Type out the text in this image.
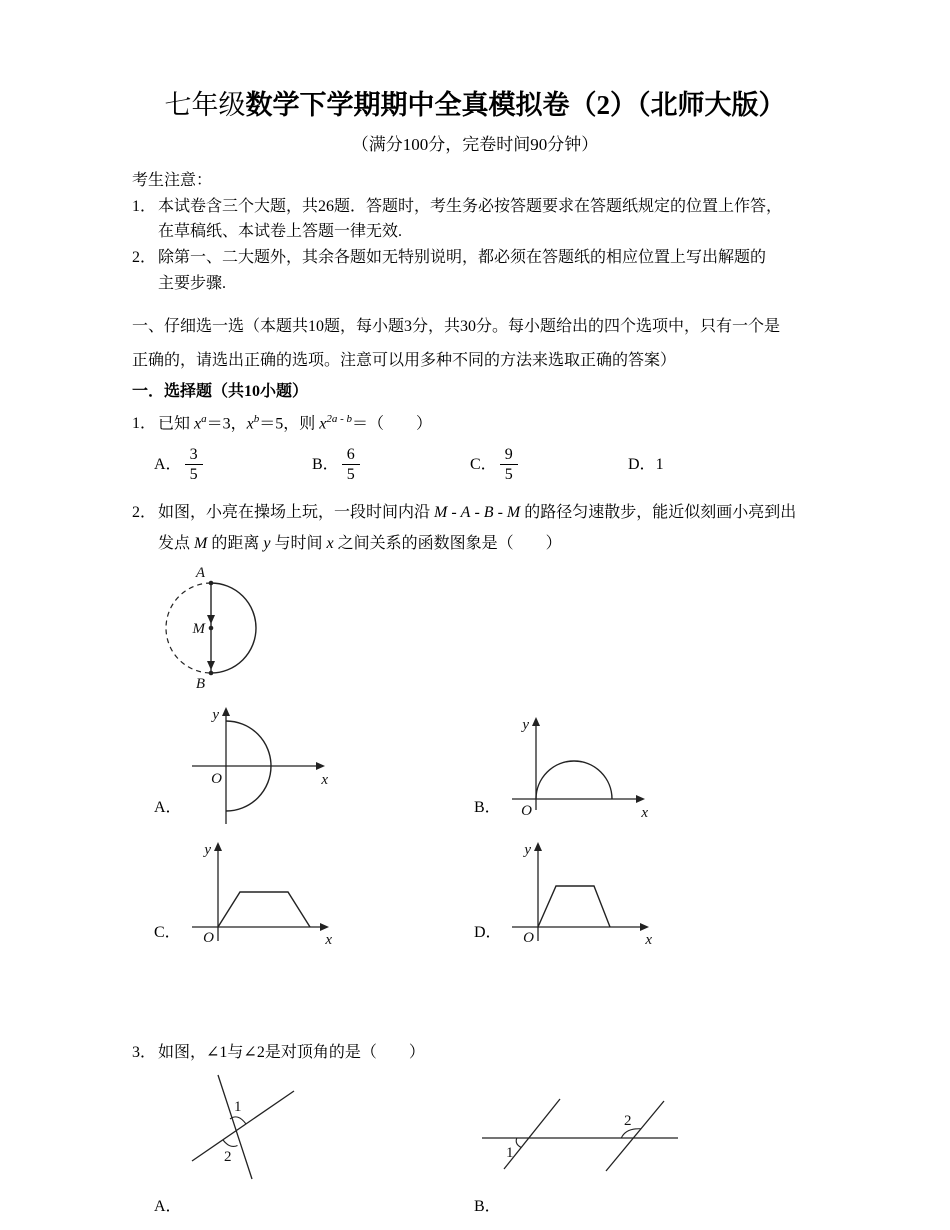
七年级数学下学期期中全真模拟卷（2）（北师大版）
（满分100分，完卷时间90分钟）
考生注意：
1． 本试卷含三个大题，共26题．答题时，考生务必按答题要求在答题纸规定的位置上作答，
在草稿纸、本试卷上答题一律无效.
2． 除第一、二大题外，其余各题如无特别说明，都必须在答题纸的相应位置上写出解题的
主要步骤.
一、仔细选一选（本题共10题，每小题3分，共30分。每小题给出的四个选项中，只有一个是
正确的，请选出正确的选项。注意可以用多种不同的方法来选取正确的答案）
一．选择题（共10小题）
1． 已知 $x^a=3$，$x^b=5$，则 $x^{2a - b}=$（　　）
A． $\frac{3}{5}$	B． $\frac{6}{5}$	C． $\frac{9}{5}$	D． 1
2． 如图，小亮在操场上玩，一段时间内沿 M - A - B - M 的路径匀速散步，能近似刻画小亮到出
发点 M 的距离 y 与时间 x 之间关系的函数图象是（　　）
A
M
B
A．
O
y
x
B． O
y
x
C． O
y
x	D． O
y
x
3． 如图，∠1与∠2是对顶角的是（　　）
1
2	1
2
A．	B．
